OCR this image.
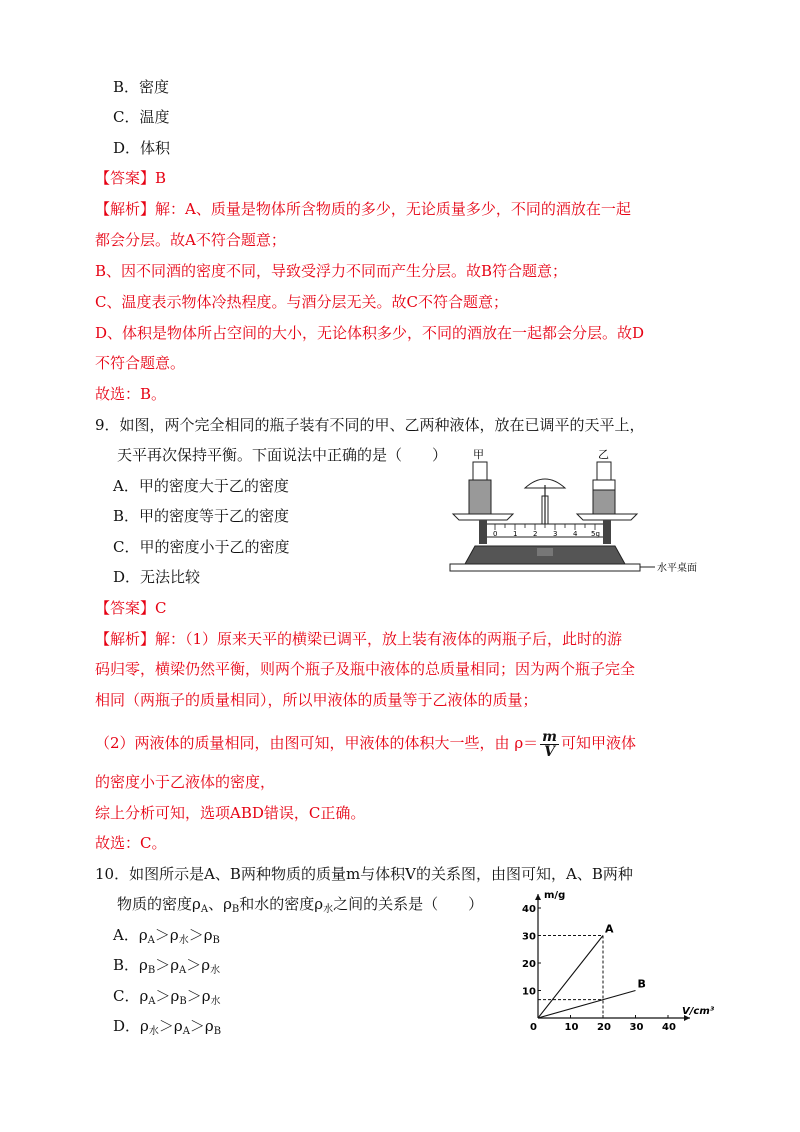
B．密度
C．温度
D．体积
【答案】B
【解析】解：A、质量是物体所含物质的多少，无论质量多少，不同的酒放在一起
都会分层。故A不符合题意；
B、因不同酒的密度不同，导致受浮力不同而产生分层。故B符合题意；
C、温度表示物体冷热程度。与酒分层无关。故C不符合题意；
D、体积是物体所占空间的大小，无论体积多少，不同的酒放在一起都会分层。故D
不符合题意。
故选：B。
9．如图，两个完全相同的瓶子装有不同的甲、乙两种液体，放在已调平的天平上，
天平再次保持平衡。下面说法中正确的是（　　）
A．甲的密度大于乙的密度
B．甲的密度等于乙的密度
C．甲的密度小于乙的密度
D．无法比较
甲	乙
水平桌面
0 1 2 3 4 5g
【答案】C
【解析】解：（1）原来天平的横梁已调平，放上装有液体的两瓶子后，此时的游
码归零，横梁仍然平衡，则两个瓶子及瓶中液体的总质量相同；因为两个瓶子完全
相同（两瓶子的质量相同），所以甲液体的质量等于乙液体的质量；
（2）两液体的质量相同，由图可知，甲液体的体积大一些，由 $\rho= \frac{m}{V}$ 可知甲液体
的密度小于乙液体的密度，
综上分析可知，选项ABD错误，C正确。
故选：C。
10．如图所示是A、B两种物质的质量m与体积V的关系图，由图可知，A、B两种
物质的密度$\rho_A$、$\rho_B$和水的密度$\rho_水$之间的关系是（　　）
A．$\rho_A>\rho_水>\rho_B$
B．$\rho_B>\rho_A>\rho_水$
C．$\rho_A>\rho_B>\rho_水$
D．$\rho_水>\rho_A>\rho_B$
m/g
V/cm³
0	10 20 30 40
10
20
30
40
A
B
